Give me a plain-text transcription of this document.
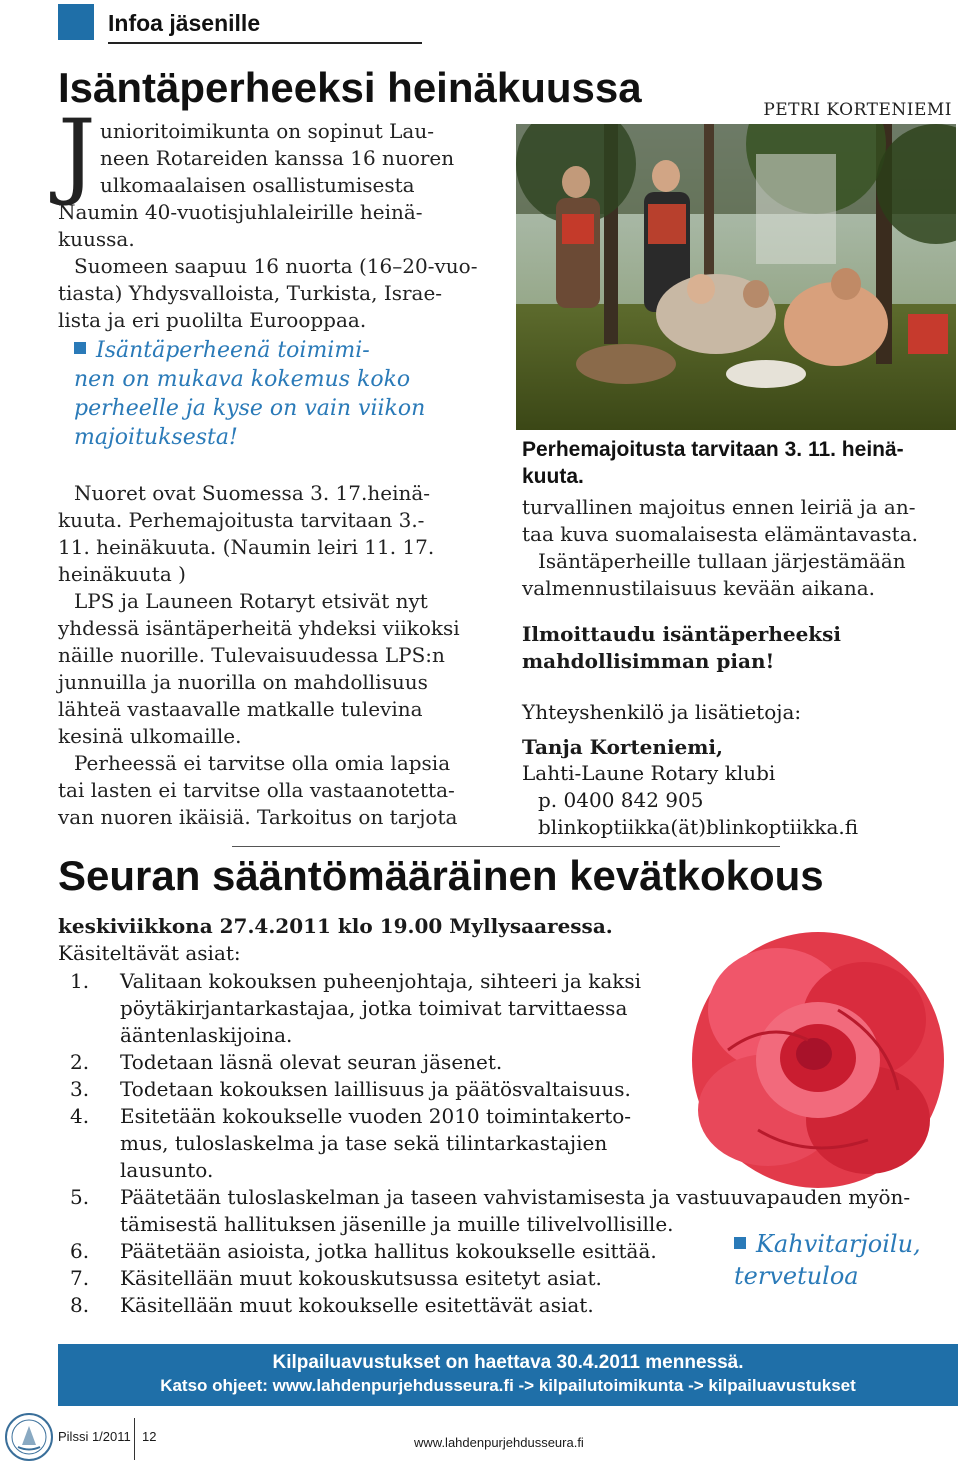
Infoa jäsenille
Isäntäperheeksi heinäkuussa
J unioritoimikunta on sopinut Lau-

neen Rotareiden kanssa 16 nuoren

ulkomaalaisen osallistumisesta

Naumin 40-vuotisjuhlaleirille heinä-

kuussa.

Suomeen saapuu 16 nuorta (16–20-vuo-

tiasta) Yhdysvalloista, Turkista, Israe-

lista ja eri puolilta Eurooppaa.

Isäntäperheenä toimimi-
nen on mukava kokemus koko
perheelle ja kyse on vain viikon
majoituksesta!

Nuoret ovat Suomessa 3. 17.heinä-

kuuta. Perhemajoitusta tarvitaan 3.-

11. heinäkuuta. (Naumin leiri 11. 17.

heinäkuuta )

LPS ja Launeen Rotaryt etsivät nyt

yhdessä isäntäperheitä yhdeksi viikoksi

näille nuorille. Tulevaisuudessa LPS:n

junnuilla ja nuorilla on mahdollisuus

lähteä vastaavalle matkalle tulevina

kesinä ulkomaille.

Perheessä ei tarvitse olla omia lapsia

tai lasten ei tarvitse olla vastaanotetta-

van nuoren ikäisiä. Tarkoitus on tarjota

PETRI KORTENIEMI
Perhemajoitusta tarvitaan 3. 11. heinä-kuuta.

turvallinen majoitus ennen leiriä ja an-

taa kuva suomalaisesta elämäntavasta.

Isäntäperheille tullaan järjestämään

valmennustilaisuus kevään aikana.

Ilmoittaudu isäntäperheeksi mahdollisimman pian!
Yhteyshenkilö ja lisätietoja:
Tanja Korteniemi,
Lahti-Laune Rotary klubi
p. 0400 842 905
blinkoptiikka(ät)blinkoptiikka.fi
Seuran sääntömääräinen kevätkokous
keskiviikkona 27.4.2011 klo 19.00 Myllysaaressa.
Käsiteltävät asiat:
1. Valitaan kokouksen puheenjohtaja, sihteeri ja kaksi pöytäkirjantarkastajaa, jotka toimivat tarvittaessa ääntenlaskijoina.
2. Todetaan läsnä olevat seuran jäsenet.
3. Todetaan kokouksen laillisuus ja päätösvaltaisuus.
4. Esitetään kokoukselle vuoden 2010 toimintakerto-mus, tuloslaskelma ja tase sekä tilintarkastajien lausunto.
5. Päätetään tuloslaskelman ja taseen vahvistamisesta ja vastuuvapauden myön-tämisestä hallituksen jäsenille ja muille tilivelvollisille.
6. Päätetään asioista, jotka hallitus kokoukselle esittää.
7. Käsitellään muut kokouskutsussa esitetyt asiat.
8. Käsitellään muut kokoukselle esitettävät asiat.
Kahvitarjoilu,
tervetuloa
Kilpailuavustukset on haettava 30.4.2011 mennessä.
Katso ohjeet: www.lahdenpurjehdusseura.fi -> kilpailutoimikunta -> kilpailuavustukset
Pilssi 1/2011 12	www.lahdenpurjehdusseura.fi
